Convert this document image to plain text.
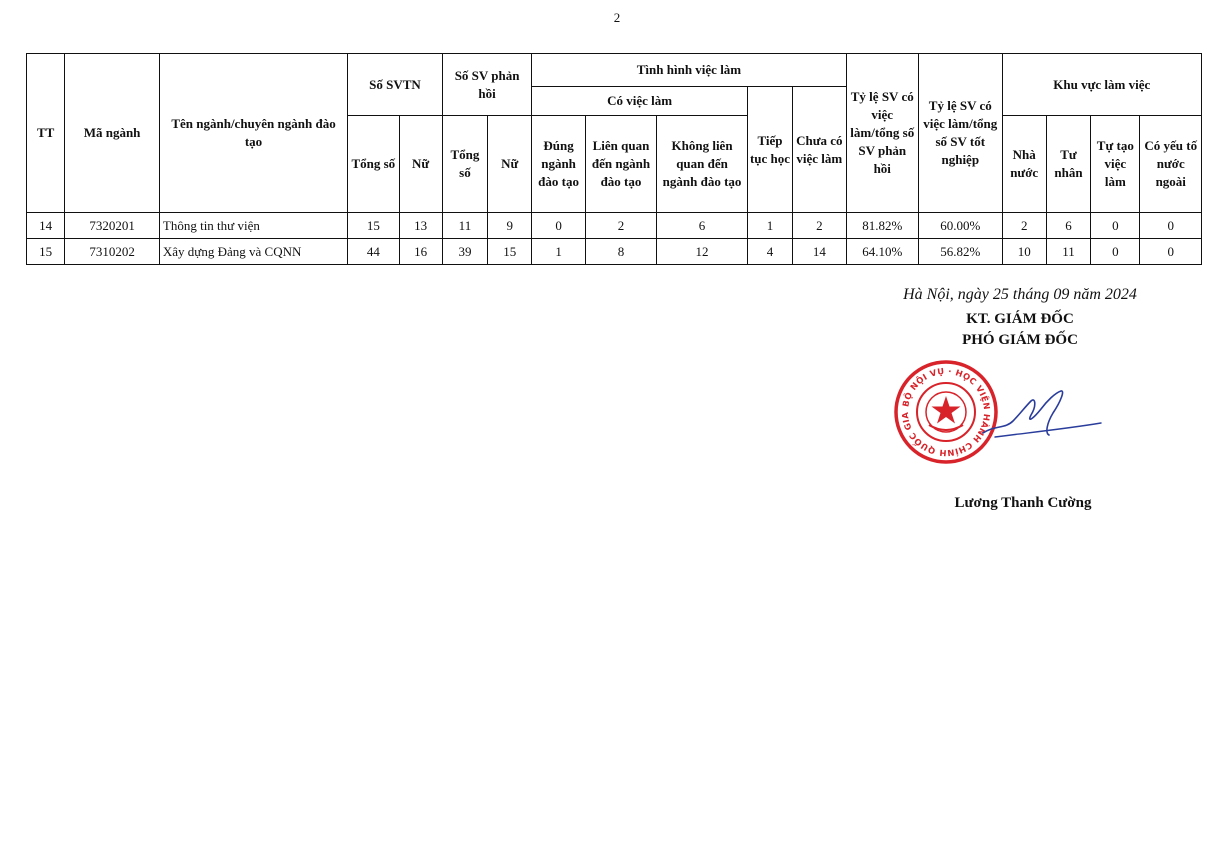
2
TT	Mã ngành	Tên ngành/chuyên ngành đào tạo	Số SVTN		Số SV phản hồi		Tình hình việc làm					Tỷ lệ SV có việc làm/tổng số SV phản hồi	Tỷ lệ SV có việc làm/tổng số SV tốt nghiệp	Khu vực làm việc			
							Có việc làm			Tiếp tục học	Chưa có việc làm						
			Tổng số	Nữ	Tổng số	Nữ	Đúng ngành đào tạo	Liên quan đến ngành đào tạo	Không liên quan đến ngành đào tạo					Nhà nước	Tư nhân	Tự tạo việc làm	Có yếu tố nước ngoài
14	7320201	Thông tin thư viện	15	13	11	9	0	2	6	1	2	81.82%	60.00%	2	6	0	0
15	7310202	Xây dựng Đảng và CQNN	44	16	39	15	1	8	12	4	14	64.10%	56.82%	10	11	0	0
Hà Nội, ngày 25 tháng 09 năm 2024
KT. GIÁM ĐỐC
PHÓ GIÁM ĐỐC
BỘ NỘI VỤ · HỌC VIỆN HÀNH CHÍNH QUỐC GIA
Lương Thanh Cường
